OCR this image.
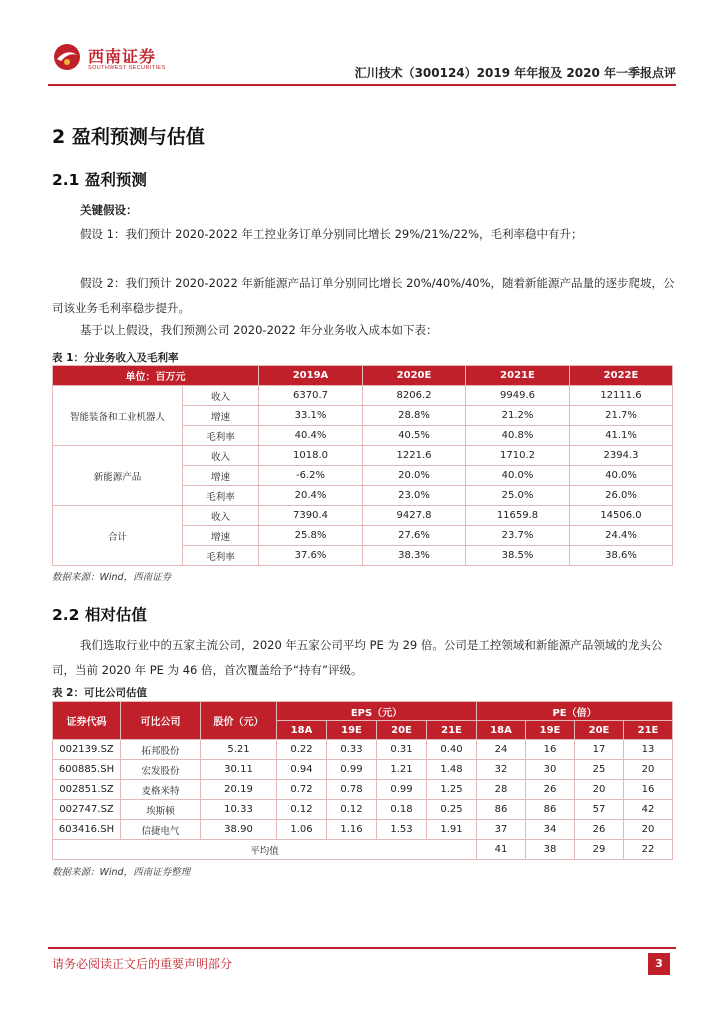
西南证券
SOUTHWEST SECURITIES	汇川技术（300124）2019 年年报及 2020 年一季报点评
2 盈利预测与估值
2.1 盈利预测
关键假设：
假设 1：我们预计 2020-2022 年工控业务订单分别同比增长 29%/21%/22%，毛利率稳中有升；
假设 2：我们预计 2020-2022 年新能源产品订单分别同比增长 20%/40%/40%，随着新能源产品量的逐步爬坡，公司该业务毛利率稳步提升。
基于以上假设，我们预测公司 2020-2022 年分业务收入成本如下表：
表 1：分业务收入及毛利率
单位：百万元		2019A	2020E	2021E	2022E
智能装备和工业机器人	收入	6370.7	8206.2	9949.6	12111.6
	增速	33.1%	28.8%	21.2%	21.7%
	毛利率	40.4%	40.5%	40.8%	41.1%
新能源产品	收入	1018.0	1221.6	1710.2	2394.3
	增速	-6.2%	20.0%	40.0%	40.0%
	毛利率	20.4%	23.0%	25.0%	26.0%
合计	收入	7390.4	9427.8	11659.8	14506.0
	增速	25.8%	27.6%	23.7%	24.4%
	毛利率	37.6%	38.3%	38.5%	38.6%
数据来源：Wind，西南证券
2.2 相对估值
我们选取行业中的五家主流公司，2020 年五家公司平均 PE 为 29 倍。公司是工控领域和新能源产品领域的龙头公司，当前 2020 年 PE 为 46 倍，首次覆盖给予“持有”评级。
表 2：可比公司估值
证券代码	可比公司	股价（元）	EPS（元）				PE（倍）			
			18A	19E	20E	21E	18A	19E	20E	21E
002139.SZ	拓邦股份	5.21	0.22	0.33	0.31	0.40	24	16	17	13
600885.SH	宏发股份	30.11	0.94	0.99	1.21	1.48	32	30	25	20
002851.SZ	麦格米特	20.19	0.72	0.78	0.99	1.25	28	26	20	16
002747.SZ	埃斯顿	10.33	0.12	0.12	0.18	0.25	86	86	57	42
603416.SH	信捷电气	38.90	1.06	1.16	1.53	1.91	37	34	26	20
平均值							41	38	29	22
数据来源：Wind，西南证券整理
请务必阅读正文后的重要声明部分	3
